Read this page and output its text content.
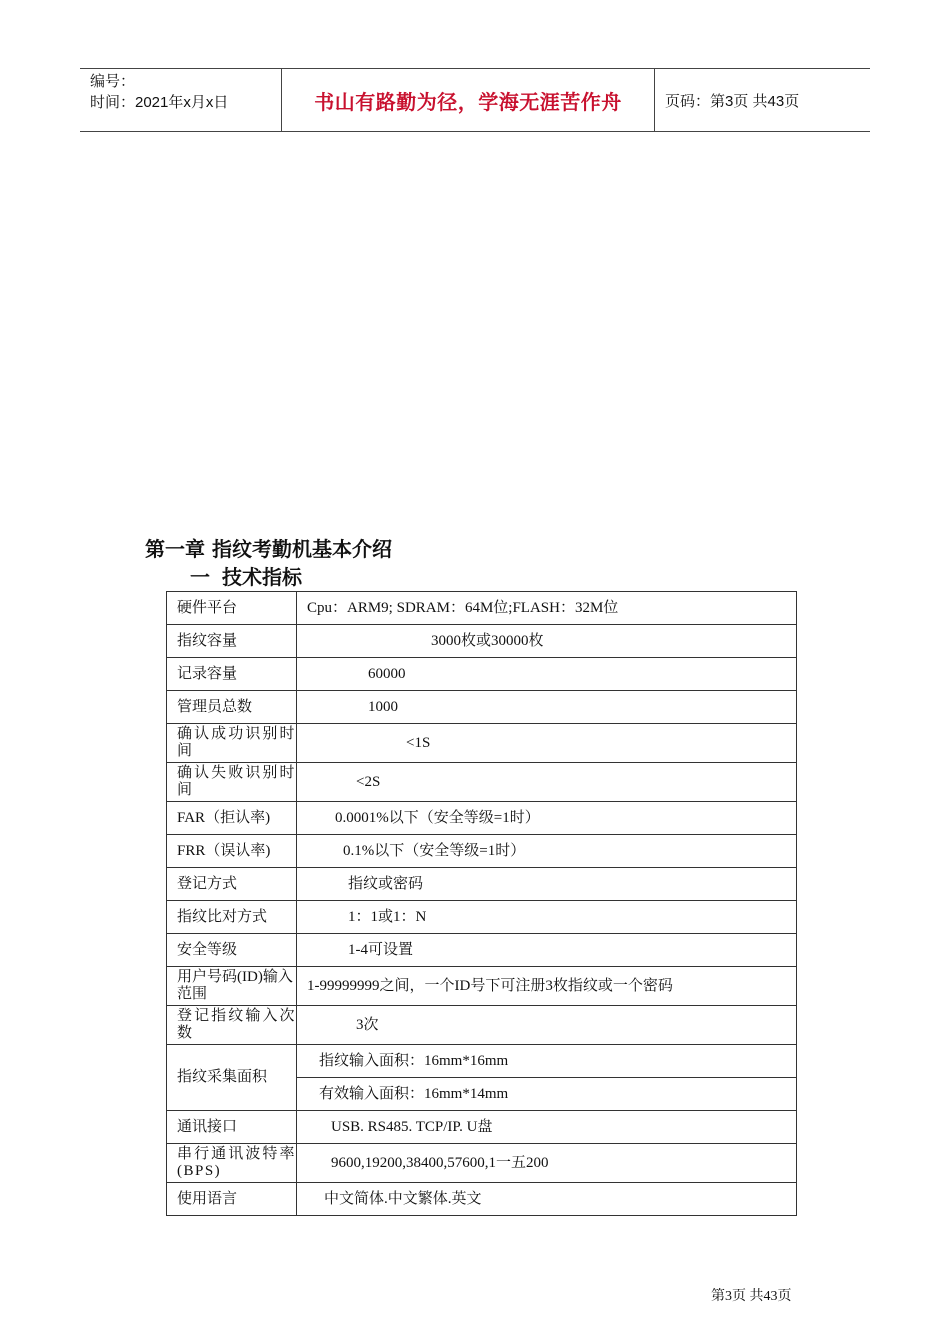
编号：
时间：2021年x月x日	书山有路勤为径，学海无涯苦作舟	页码：第3页 共43页
第一章 指纹考勤机基本介绍
一 技术指标
硬件平台	Cpu：ARM9; SDRAM：64M位;FLASH：32M位
指纹容量	3000枚或30000枚
记录容量	60000
管理员总数	1000
确认成功识别时间	<1S
确认失败识别时间	<2S
FAR（拒认率)	0.0001%以下（安全等级=1时）
FRR（误认率)	0.1%以下（安全等级=1时）
登记方式	指纹或密码
指纹比对方式	1：1或1：N
安全等级	1-4可设置
用户号码(ID)输入范围	1-99999999之间，一个ID号下可注册3枚指纹或一个密码
登记指纹输入次数	3次
指纹采集面积	指纹输入面积：16mm*16mm
	有效输入面积：16mm*14mm
通讯接口	USB. RS485. TCP/IP. U盘
串行通讯波特率(BPS)	9600,19200,38400,57600,1一五200
使用语言	中文简体.中文繁体.英文
第3页 共43页
